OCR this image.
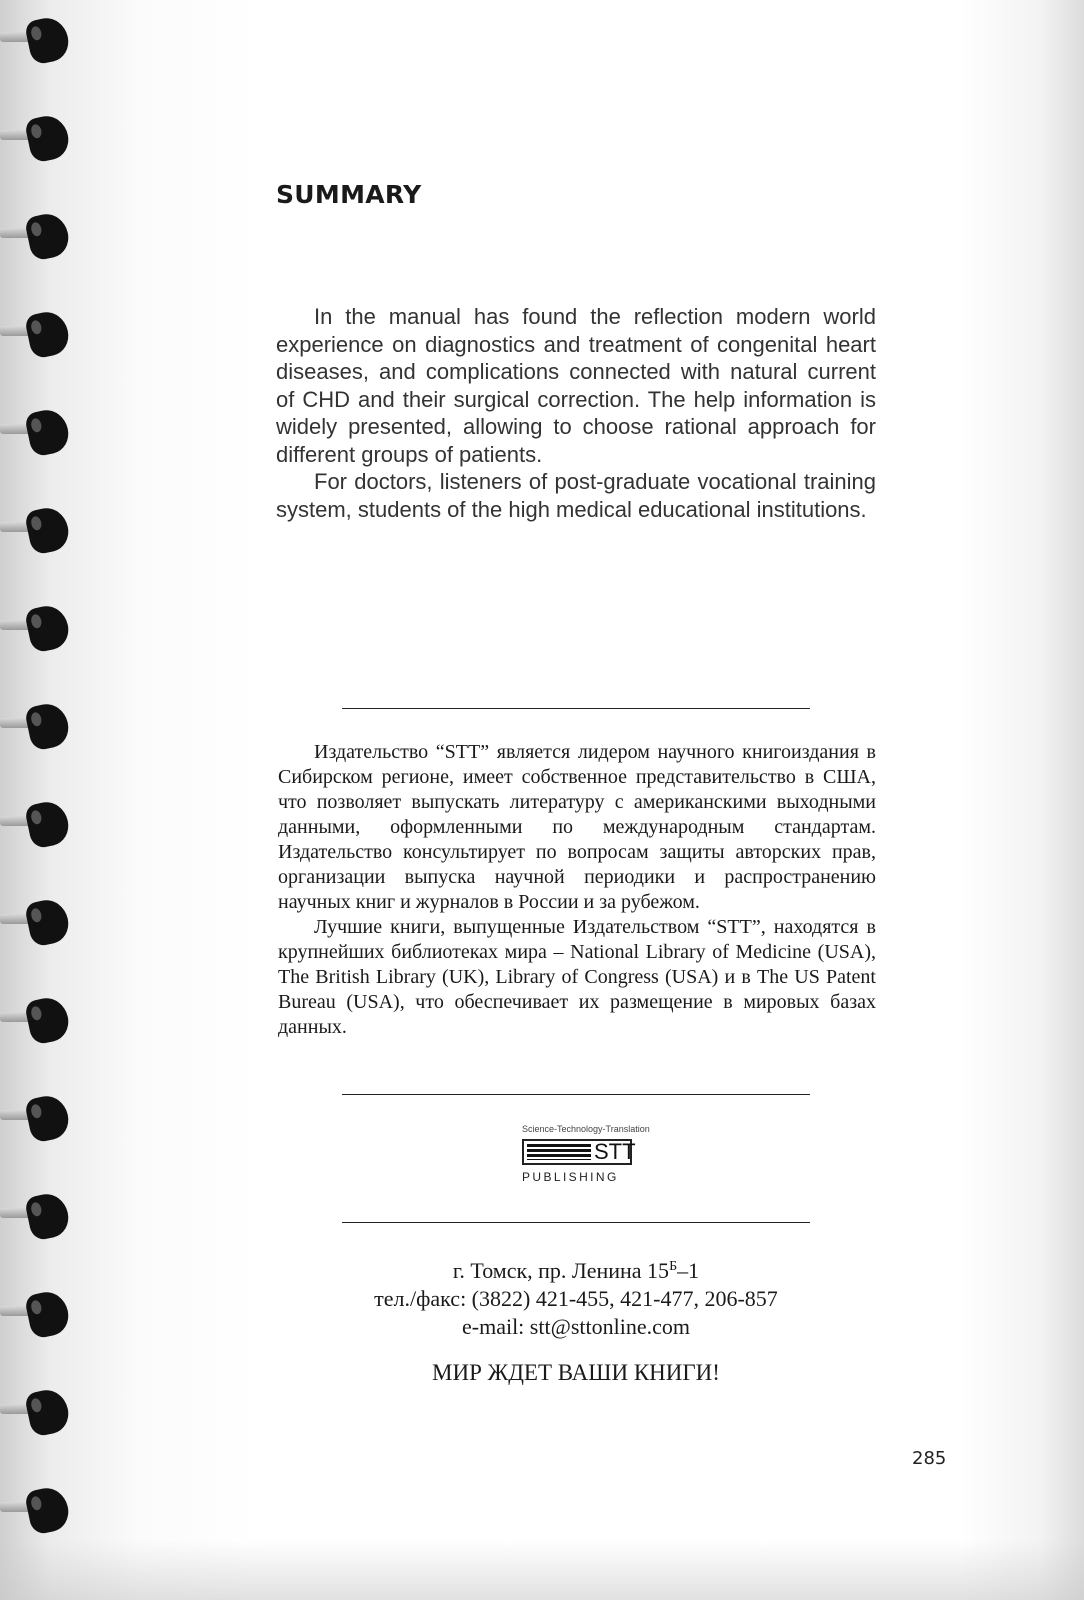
SUMMARY

In the manual has found the reflection modern world experience on diagnostics and treatment of congenital heart diseases, and complications connected with natural current of CHD and their surgical correction. The help information is widely presented, allowing to choose rational approach for different groups of patients.

For doctors, listeners of post-graduate vocational training system, students of the high medical educational institutions.

Издательство “STT” является лидером научного книгоиздания в Сибирском регионе, имеет собственное представительство в США, что позволяет выпускать литературу с американскими выходными данными, оформленными по международным стандартам. Издательство консультирует по вопросам защиты авторских прав, организации выпуска научной периодики и распространению научных книг и журналов в России и за рубежом.

Лучшие книги, выпущенные Издательством “STT”, находятся в крупнейших библиотеках мира – National Library of Medicine (USA), The British Library (UK), Library of Congress (USA) и в The US Patent Bureau (USA), что обеспечивает их размещение в мировых базах данных.

Science-Technology-Translation
STT
PUBLISHING
г. Томск, пр. Ленина $15^Б-1$
тел./факс: (3822) 421-455, 421-477, 206-857
e-mail: stt@sttonline.com
МИР ЖДЕТ ВАШИ КНИГИ!
285
